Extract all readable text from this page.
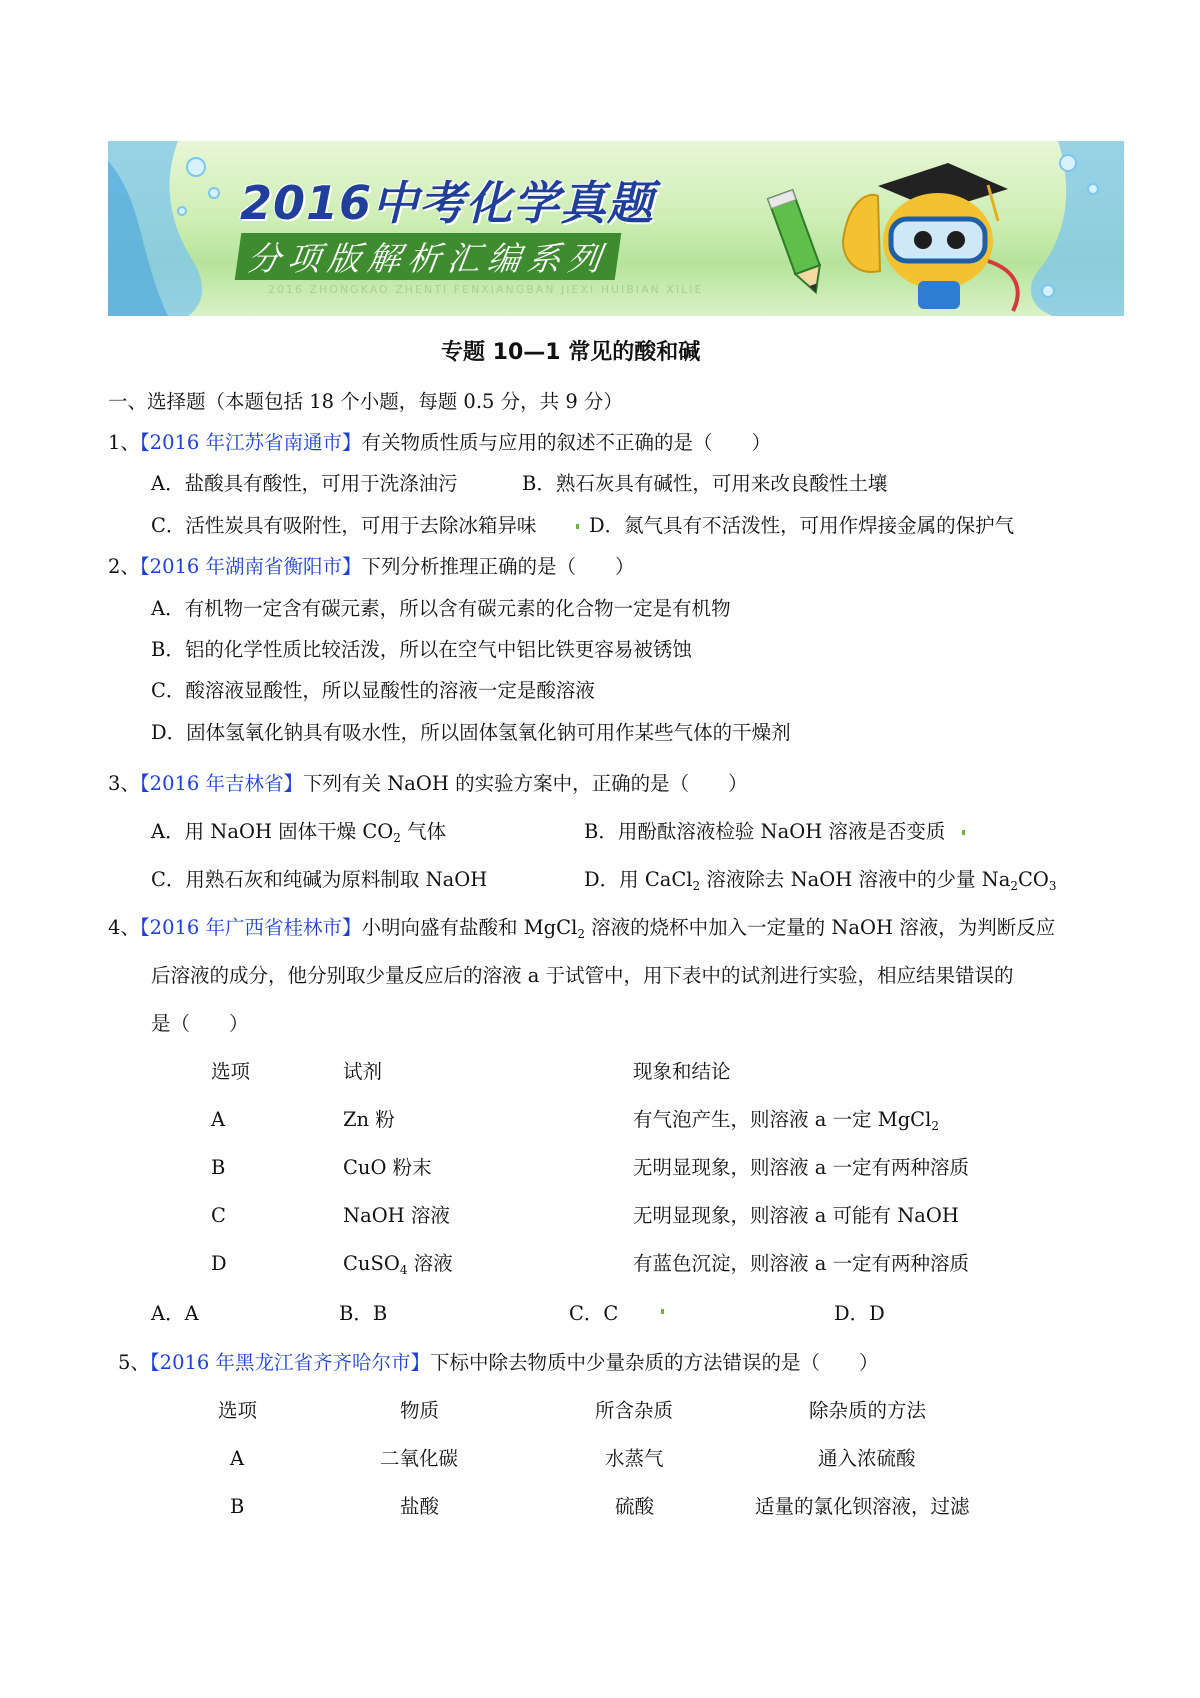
2016中考化学真题
分项版解析汇编系列
2016 ZHONGKAO ZHENTI FENXIANGBAN JIEXI HUIBIAN XILIE
专题 10—1 常见的酸和碱
一、选择题（本题包括 18 个小题，每题 0.5 分，共 9 分）
1、【2016 年江苏省南通市】有关物质性质与应用的叙述不正确的是（　　）
A．盐酸具有酸性，可用于洗涤油污	B．熟石灰具有碱性，可用来改良酸性土壤
C．活性炭具有吸附性，可用于去除冰箱异味	D．氮气具有不活泼性，可用作焊接金属的保护气
2、【2016 年湖南省衡阳市】下列分析推理正确的是（　　）
A．有机物一定含有碳元素，所以含有碳元素的化合物一定是有机物
B．铝的化学性质比较活泼，所以在空气中铝比铁更容易被锈蚀
C．酸溶液显酸性，所以显酸性的溶液一定是酸溶液
D．固体氢氧化钠具有吸水性，所以固体氢氧化钠可用作某些气体的干燥剂
3、【2016 年吉林省】下列有关 NaOH 的实验方案中，正确的是（　　）
A．用 NaOH 固体干燥 $CO_2$ 气体	B．用酚酞溶液检验 NaOH 溶液是否变质
C．用熟石灰和纯碱为原料制取 NaOH	D．用 CaCl$_2$ 溶液除去 NaOH 溶液中的少量 $Na_2CO_3$
4、【2016 年广西省桂林市】小明向盛有盐酸和 MgCl$_2$ 溶液的烧杯中加入一定量的 NaOH 溶液，为判断反应
后溶液的成分，他分别取少量反应后的溶液 a 于试管中，用下表中的试剂进行实验，相应结果错误的
是（　　）
选项	试剂	现象和结论
A	Zn 粉	有气泡产生，则溶液 a 一定 MgCl$_2$
B	CuO 粉末	无明显现象，则溶液 a 一定有两种溶质
C	NaOH 溶液	无明显现象，则溶液 a 可能有 NaOH
D	CuSO$_4$ 溶液	有蓝色沉淀，则溶液 a 一定有两种溶质
A．A	B．B	C．C	D．D
5、【2016 年黑龙江省齐齐哈尔市】下标中除去物质中少量杂质的方法错误的是（　　）
选项	物质	所含杂质	除杂质的方法
A	二氧化碳	水蒸气	通入浓硫酸
B	盐酸	硫酸	适量的氯化钡溶液，过滤
